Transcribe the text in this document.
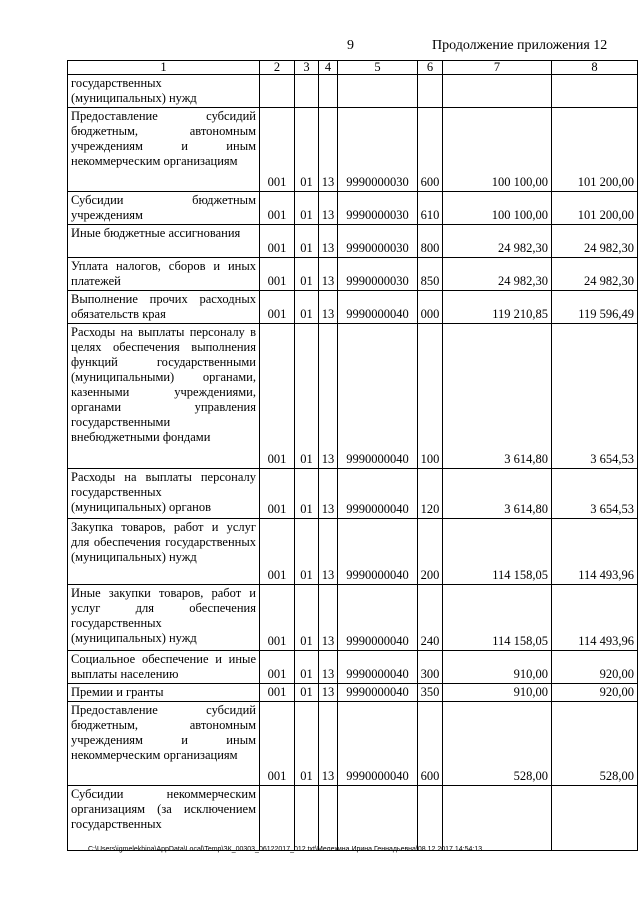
9	Продолжение приложения 12
1	2	3	4	5	6	7	8
государственных (муниципальных) нужд							
Предоставление субсидий бюджетным, автономным учреждениям и иным некоммерческим организациям	001	01	13	9990000030	600	100 100,00	101 200,00
Субсидии бюджетным учреждениям	001	01	13	9990000030	610	100 100,00	101 200,00
Иные бюджетные ассигнования	001	01	13	9990000030	800	24 982,30	24 982,30
Уплата налогов, сборов и иных платежей	001	01	13	9990000030	850	24 982,30	24 982,30
Выполнение прочих расходных обязательств края	001	01	13	9990000040	000	119 210,85	119 596,49
Расходы на выплаты персоналу в целях обеспечения выполнения функций государственными (муниципальными) органами, казенными учреждениями, органами управления государственными внебюджетными фондами	001	01	13	9990000040	100	3 614,80	3 654,53
Расходы на выплаты персоналу государственных (муниципальных) органов	001	01	13	9990000040	120	3 614,80	3 654,53
Закупка товаров, работ и услуг для обеспечения государственных (муниципальных) нужд	001	01	13	9990000040	200	114 158,05	114 493,96
Иные закупки товаров, работ и услуг для обеспечения государственных (муниципальных) нужд	001	01	13	9990000040	240	114 158,05	114 493,96
Социальное обеспечение и иные выплаты населению	001	01	13	9990000040	300	910,00	920,00
Премии и гранты	001	01	13	9990000040	350	910,00	920,00
Предоставление субсидий бюджетным, автономным учреждениям и иным некоммерческим организациям	001	01	13	9990000040	600	528,00	528,00
Субсидии некоммерческим организациям (за исключением государственных							
C:\Users\igmelekhina\AppData\Local\Temp\ЗК_00303_06122017_012.txt\Мелехина Ирина Геннадьевна\08.12.2017 14:54:13
